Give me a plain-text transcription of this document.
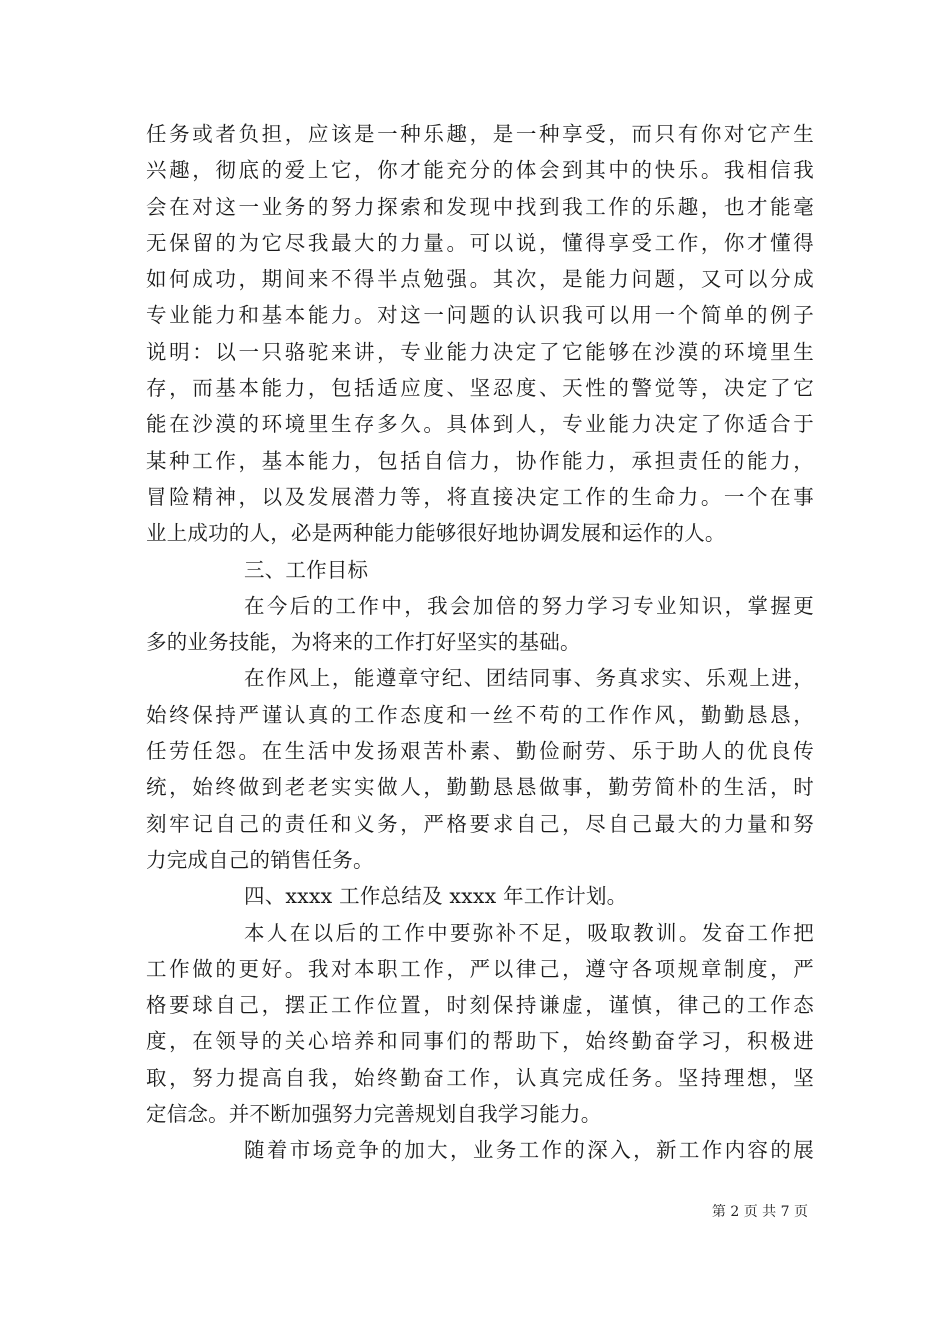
任务或者负担，应该是一种乐趣，是一种享受，而只有你对它产生
兴趣，彻底的爱上它，你才能充分的体会到其中的快乐。我相信我
会在对这一业务的努力探索和发现中找到我工作的乐趣，也才能毫
无保留的为它尽我最大的力量。可以说，懂得享受工作，你才懂得
如何成功，期间来不得半点勉强。其次，是能力问题，又可以分成
专业能力和基本能力。对这一问题的认识我可以用一个简单的例子
说明：以一只骆驼来讲，专业能力决定了它能够在沙漠的环境里生
存，而基本能力，包括适应度、坚忍度、天性的警觉等，决定了它
能在沙漠的环境里生存多久。具体到人，专业能力决定了你适合于
某种工作，基本能力，包括自信力，协作能力，承担责任的能力，
冒险精神，以及发展潜力等，将直接决定工作的生命力。一个在事
业上成功的人，必是两种能力能够很好地协调发展和运作的人。
三、工作目标
在今后的工作中，我会加倍的努力学习专业知识，掌握更
多的业务技能，为将来的工作打好坚实的基础。
在作风上，能遵章守纪、团结同事、务真求实、乐观上进，
始终保持严谨认真的工作态度和一丝不苟的工作作风，勤勤恳恳，
任劳任怨。在生活中发扬艰苦朴素、勤俭耐劳、乐于助人的优良传
统，始终做到老老实实做人，勤勤恳恳做事，勤劳简朴的生活，时
刻牢记自己的责任和义务，严格要求自己，尽自己最大的力量和努
力完成自己的销售任务。
四、xxxx 工作总结及 xxxx 年工作计划。
本人在以后的工作中要弥补不足，吸取教训。发奋工作把
工作做的更好。我对本职工作，严以律己，遵守各项规章制度，严
格要球自己，摆正工作位置，时刻保持谦虚，谨慎，律己的工作态
度，在领导的关心培养和同事们的帮助下，始终勤奋学习，积极进
取，努力提高自我，始终勤奋工作，认真完成任务。坚持理想，坚
定信念。并不断加强努力完善规划自我学习能力。
随着市场竞争的加大，业务工作的深入，新工作内容的展
第 2 页 共 7 页
